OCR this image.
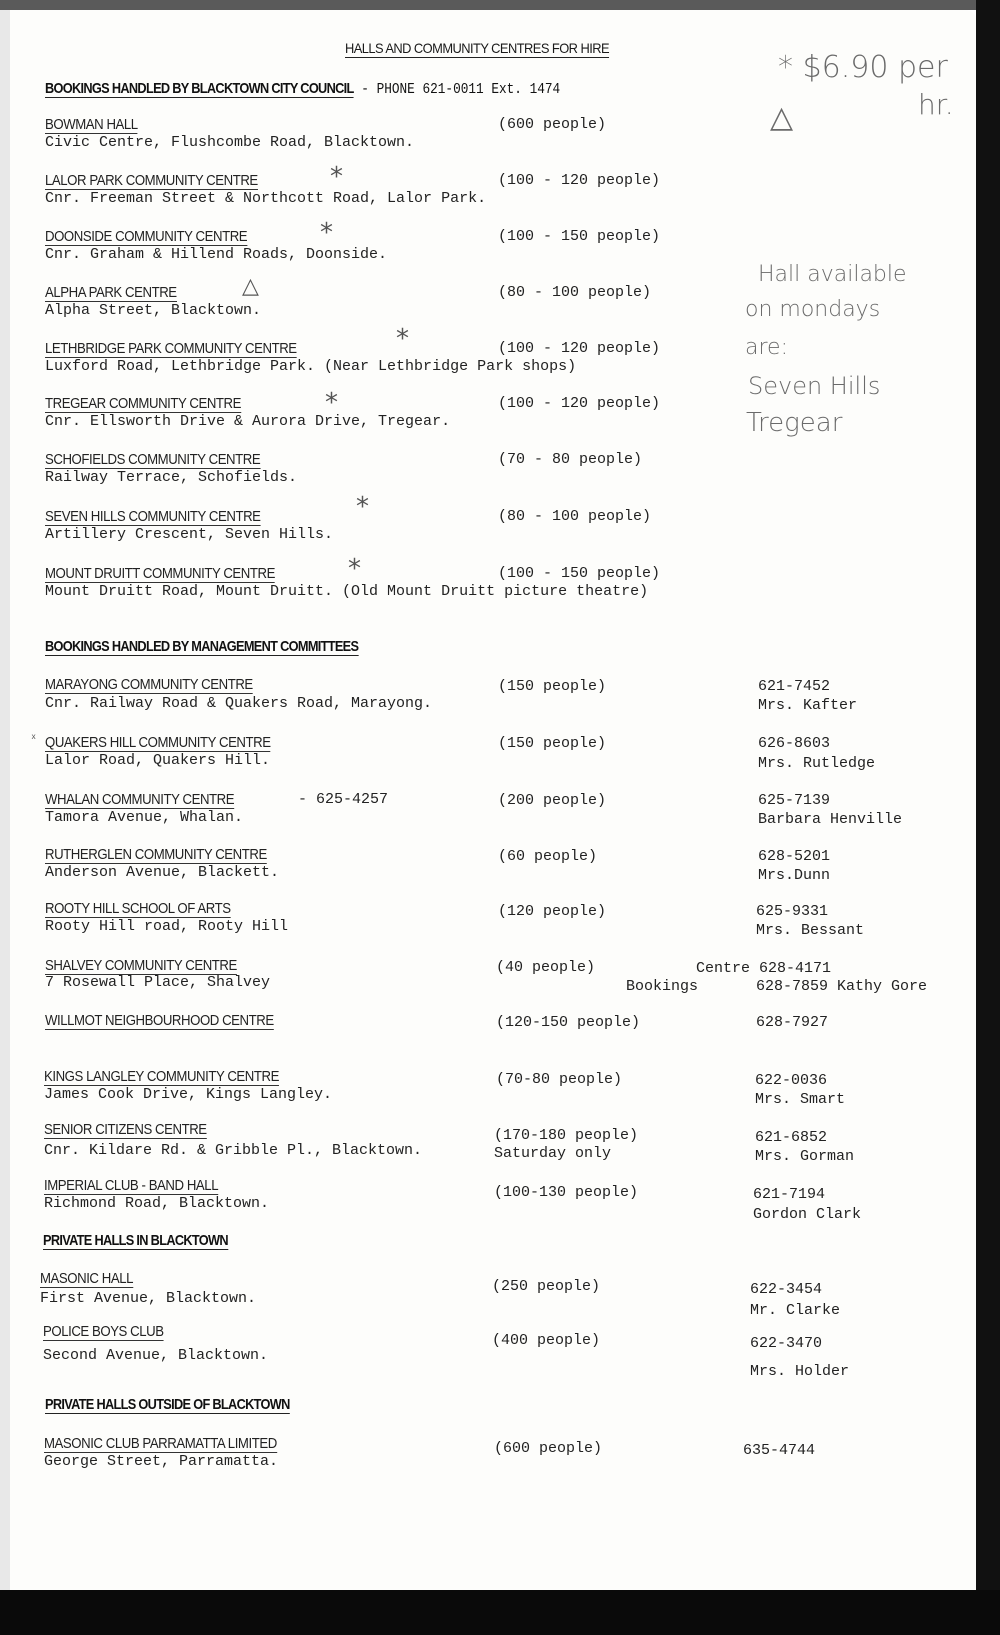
HALLS AND COMMUNITY CENTRES FOR HIRE
* $6.90 per
hr.
△
Hall available
on mondays
are:
Seven Hills
Tregear
BOOKINGS HANDLED BY BLACKTOWN CITY COUNCIL - PHONE 621-0011 Ext. 1474
BOWMAN HALL
Civic Centre, Flushcombe Road, Blacktown.
(600 people)
LALOR PARK COMMUNITY CENTRE	*
Cnr. Freeman Street & Northcott Road, Lalor Park.
(100 - 120 people)
DOONSIDE COMMUNITY CENTRE	*
Cnr. Graham & Hillend Roads, Doonside.
(100 - 150 people)
ALPHA PARK CENTRE	△
Alpha Street, Blacktown.
(80 - 100 people)
LETHBRIDGE PARK COMMUNITY CENTRE	*
Luxford Road, Lethbridge Park. (Near Lethbridge Park shops)
(100 - 120 people)
TREGEAR COMMUNITY CENTRE	*
Cnr. Ellsworth Drive & Aurora Drive, Tregear.
(100 - 120 people)
SCHOFIELDS COMMUNITY CENTRE
Railway Terrace, Schofields.
(70 - 80 people)
SEVEN HILLS COMMUNITY CENTRE	*
Artillery Crescent, Seven Hills.
(80 - 100 people)
MOUNT DRUITT COMMUNITY CENTRE	*
Mount Druitt Road, Mount Druitt. (Old Mount Druitt picture theatre)
(100 - 150 people)
BOOKINGS HANDLED BY MANAGEMENT COMMITTEES
MARAYONG COMMUNITY CENTRE
Cnr. Railway Road & Quakers Road, Marayong.
(150 people)	621-7452
Mrs. Kafter
ˣ QUAKERS HILL COMMUNITY CENTRE
Lalor Road, Quakers Hill.
(150 people)	626-8603
Mrs. Rutledge
WHALAN COMMUNITY CENTRE	- 625-4257
Tamora Avenue, Whalan.
(200 people)	625-7139
Barbara Henville
RUTHERGLEN COMMUNITY CENTRE
Anderson Avenue, Blackett.
(60 people)	628-5201
Mrs.Dunn
ROOTY HILL SCHOOL OF ARTS
Rooty Hill road, Rooty Hill
(120 people)	625-9331
Mrs. Bessant
SHALVEY COMMUNITY CENTRE
7 Rosewall Place, Shalvey
(40 people)	Centre 628-4171
Bookings	628-7859 Kathy Gore
WILLMOT NEIGHBOURHOOD CENTRE	(120-150 people)	628-7927
KINGS LANGLEY COMMUNITY CENTRE
James Cook Drive, Kings Langley.
(70-80 people)	622-0036
Mrs. Smart
SENIOR CITIZENS CENTRE
Cnr. Kildare Rd. & Gribble Pl., Blacktown.
(170-180 people)
Saturday only
621-6852
Mrs. Gorman
IMPERIAL CLUB - BAND HALL
Richmond Road, Blacktown.
(100-130 people)	621-7194
Gordon Clark
PRIVATE HALLS IN BLACKTOWN
MASONIC HALL
First Avenue, Blacktown.
(250 people)	622-3454
Mr. Clarke
POLICE BOYS CLUB
Second Avenue, Blacktown.
(400 people)	622-3470
Mrs. Holder
PRIVATE HALLS OUTSIDE OF BLACKTOWN
MASONIC CLUB PARRAMATTA LIMITED
George Street, Parramatta.
(600 people)	635-4744
